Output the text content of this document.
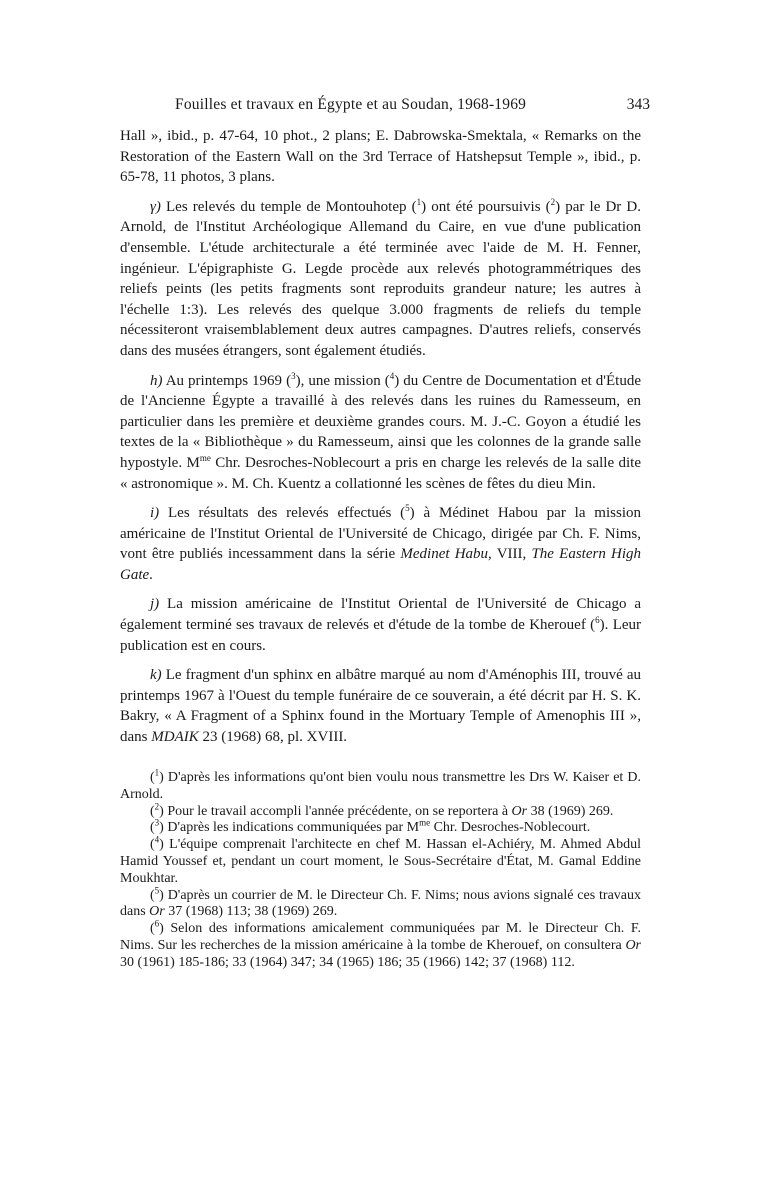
Fouilles et travaux en Égypte et au Soudan, 1968-1969	343

Hall », ibid., p. 47-64, 10 phot., 2 plans; E. Dabrowska-Smektala, « Remarks on the Restoration of the Eastern Wall on the 3rd Terrace of Hatshepsut Temple », ibid., p. 65-78, 11 photos, 3 plans.

γ) Les relevés du temple de Montouhotep ($^1$) ont été poursuivis ($^2$) par le Dr D. Arnold, de l'Institut Archéologique Allemand du Caire, en vue d'une publication d'ensemble. L'étude architecturale a été terminée avec l'aide de M. H. Fenner, ingénieur. L'épigraphiste G. Legde procède aux relevés photogrammétriques des reliefs peints (les petits fragments sont reproduits grandeur nature; les autres à l'échelle 1:3). Les relevés des quelque 3.000 fragments de reliefs du temple nécessiteront vraisemblablement deux autres campagnes. D'autres reliefs, conservés dans des musées étrangers, sont également étudiés.

h) Au printemps 1969 ($^3$), une mission ($^4$) du Centre de Documentation et d'Étude de l'Ancienne Égypte a travaillé à des relevés dans les ruines du Ramesseum, en particulier dans les première et deuxième grandes cours. M. J.-C. Goyon a étudié les textes de la « Bibliothèque » du Ramesseum, ainsi que les colonnes de la grande salle hypostyle. $M^{me}$ Chr. Desroches-Noblecourt a pris en charge les relevés de la salle dite « astronomique ». M. Ch. Kuentz a collationné les scènes de fêtes du dieu Min.

i) Les résultats des relevés effectués ($^5$) à Médinet Habou par la mission américaine de l'Institut Oriental de l'Université de Chicago, dirigée par Ch. F. Nims, vont être publiés incessamment dans la série Medinet Habu, VIII, The Eastern High Gate.

j) La mission américaine de l'Institut Oriental de l'Université de Chicago a également terminé ses travaux de relevés et d'étude de la tombe de Kherouef ($^6$). Leur publication est en cours.

k) Le fragment d'un sphinx en albâtre marqué au nom d'Aménophis III, trouvé au printemps 1967 à l'Ouest du temple funéraire de ce souverain, a été décrit par H. S. K. Bakry, « A Fragment of a Sphinx found in the Mortuary Temple of Amenophis III », dans MDAIK 23 (1968) 68, pl. XVIII.

($^1$) D'après les informations qu'ont bien voulu nous transmettre les Drs W. Kaiser et D. Arnold.

($^2$) Pour le travail accompli l'année précédente, on se reportera à Or 38 (1969) 269.

($^3$) D'après les indications communiquées par $M^{me}$ Chr. Desroches-Noblecourt.

($^4$) L'équipe comprenait l'architecte en chef M. Hassan el-Achiéry, M. Ahmed Abdul Hamid Youssef et, pendant un court moment, le Sous-Secrétaire d'État, M. Gamal Eddine Moukhtar.

($^5$) D'après un courrier de M. le Directeur Ch. F. Nims; nous avions signalé ces travaux dans Or 37 (1968) 113; 38 (1969) 269.

($^6$) Selon des informations amicalement communiquées par M. le Directeur Ch. F. Nims. Sur les recherches de la mission américaine à la tombe de Kherouef, on consultera Or 30 (1961) 185-186; 33 (1964) 347; 34 (1965) 186; 35 (1966) 142; 37 (1968) 112.
